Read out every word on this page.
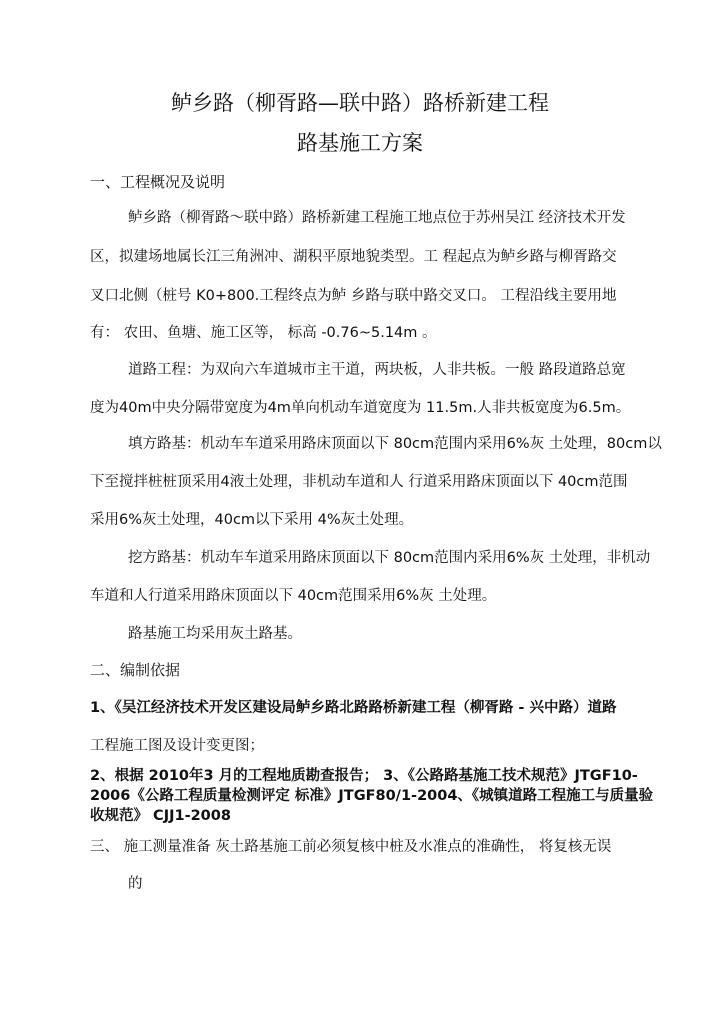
鲈乡路（柳胥路—联中路）路桥新建工程
路基施工方案
一、工程概况及说明
鲈乡路（柳胥路～联中路）路桥新建工程施工地点位于苏州吴江 经济技术开发
区，拟建场地属长江三角洲冲、湖积平原地貌类型。工 程起点为鲈乡路与柳胥路交
叉口北侧（桩号 K0+800.工程终点为鲈 乡路与联中路交叉口。 工程沿线主要用地
有： 农田、鱼塘、施工区等， 标高 -0.76~5.14m 。
道路工程：为双向六车道城市主干道，两块板，人非共板。一般 路段道路总宽
度为40m中央分隔带宽度为4m单向机动车道宽度为 11.5m.人非共板宽度为6.5m。
填方路基：机动车车道采用路床顶面以下 80cm范围内采用6%灰 土处理，80cm以
下至搅拌桩桩顶采用4液土处理，非机动车道和人 行道采用路床顶面以下 40cm范围
采用6%灰土处理，40cm以下采用 4%灰土处理。
挖方路基：机动车车道采用路床顶面以下 80cm范围内采用6%灰 土处理，非机动
车道和人行道采用路床顶面以下 40cm范围采用6%灰 土处理。
路基施工均采用灰土路基。
二、编制依据
1、《吴江经济技术开发区建设局鲈乡路北路路桥新建工程（柳胥路 - 兴中路）道路
工程施工图及设计变更图；
2、根据 2010年3 月的工程地质勘查报告； 3、《公路路基施工技术规范》JTGF10-
2006《公路工程质量检测评定 标准》JTGF80/1-2004、《城镇道路工程施工与质量验
收规范》 CJJ1-2008
三、 施工测量准备 灰土路基施工前必须复核中桩及水准点的准确性， 将复核无误
的
